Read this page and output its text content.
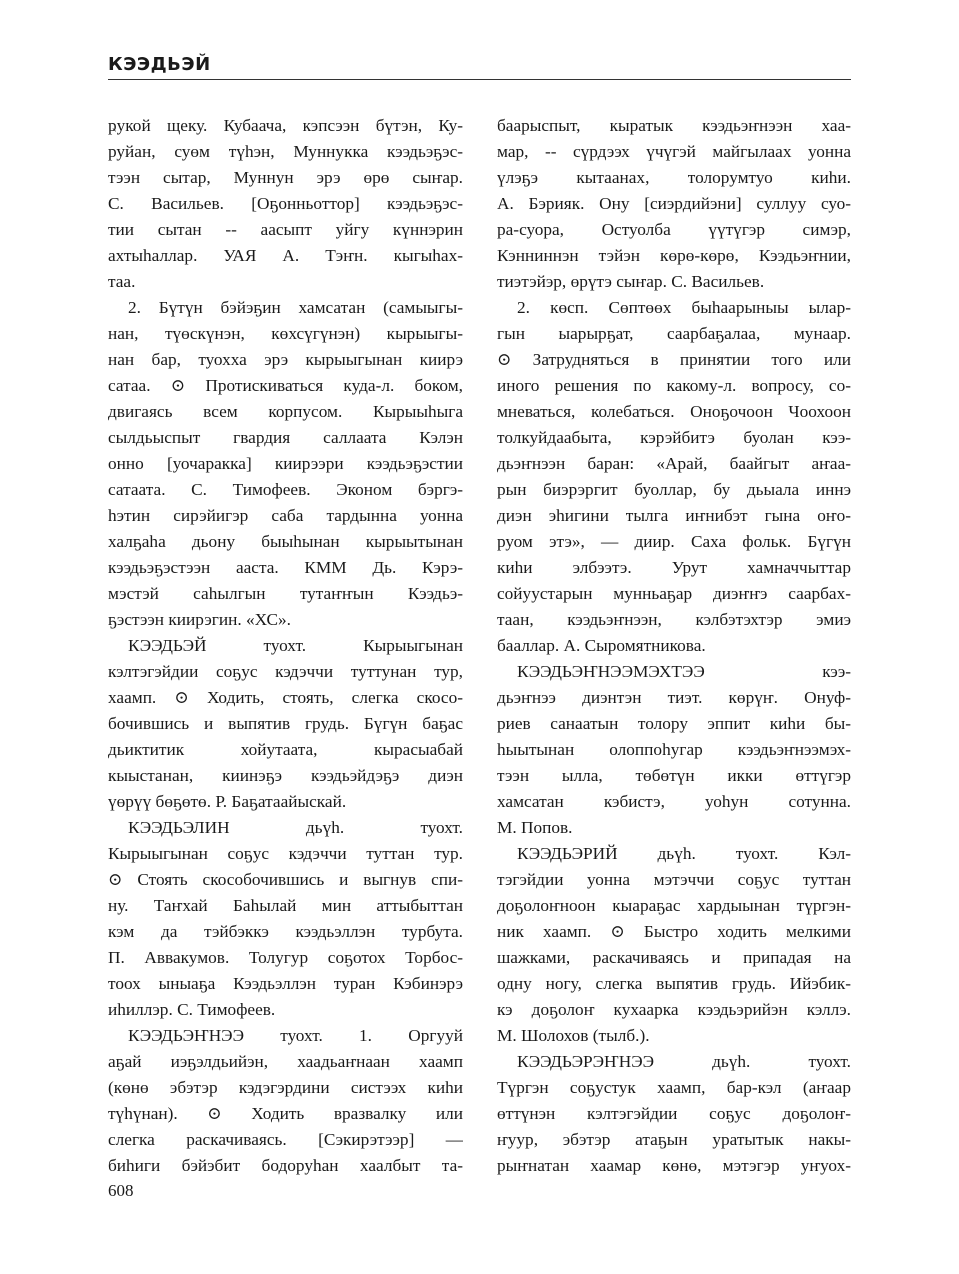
КЭЭДЬЭЙ
ҏукой щеку. Кубаача, кэпсээн бүтэн, Ку-
руйан, суөм түһэн, Муннукка кээдьэҕэс-
тээн сытар, Муннун эрэ өрө сыҥар.
С. Васильев. [Оҕонньоттор] кээдьэҕэс-
тии сытан -- аасыпт уйгу күннэрин
ахтыһаллар. УАЯ А. Тэҥн. кыгыһах-
таа.
2. Бүтүн бэйэҕин хамсатан (самыыгы-
нан, түөскүнэн, көхсүгүнэн) кырыыгы-
нан бар, туохха эрэ кырыыгынан киирэ
сатаа. ⊙ Протискиваться куда-л. боком,
двигаясь всем корпусом. Кырыыһыга
сылдьыспыт гвардия саллаата Кэлэн
онно [уочаракка] киирээри кээдьэҕэстии
сатаата. С. Тимофеев. Эконом бэргэ-
һэтин сирэйигэр саба тардынна уонна
халҕаһа дьону быыһынан кырыытынан
кээдьэҕэстээн ааста. КММ Дь. Кэрэ-
мэстэй саһылгын тутаҥҥын Кээдьэ-
ҕэстээн киирэгин. «ХС».
КЭЭДЬЭЙ туохт. Кырыыгынан
кэлтэгэйдии соҕус кэдэччи туттунан тур,
хаамп. ⊙ Ходить, стоять, слегка скосо-
бочившись и выпятив грудь. Бүгүн баҕас
дьиктитик хойутаата, кырасыабай
кыыстанан, киинэҕэ кээдьэйдэҕэ диэн
үөрүү бөҕөтө. Р. Баҕатаайыскай.
КЭЭДЬЭЛИН дьүһ. туохт.
Кырыыгынан соҕус кэдэччи туттан тур.
⊙ Стоять скособочившись и выгнув спи-
ну. Таҥхай Баһылай мин аттыбыттан
кэм да тэйбэккэ кээдьэллэн турбута.
П. Аввакумов. Толугур соҕотох Торбос-
тоох ыныаҕа Кээдьэллэн туран Кэбинэрэ
иһиллэр. С. Тимофеев.
КЭЭДЬЭҤНЭЭ туохт. 1. Оргууй
аҕай иэҕэлдьийэн, хаадьаҥнаан хаамп
(көнө эбэтэр кэдэгэрдини систээх киһи
түһүнан). ⊙ Ходить вразвалку или
слегка раскачиваясь. [Сэкирэтээр] —
биһиги бэйэбит бодоруһан хаалбыт та-
баарыспыт, кыратык кээдьэҥнээн хаа-
мар, -- сүрдээх үчүгэй майгылаах уонна
үлэҕэ кытаанах, толорумтуо киһи.
А. Бэрияк. Ону [сиэрдийэни] суллуу суо-
ра-суора, Остуолба үүтүгэр симэр,
Кэнниннэн тэйэн көрө-көрө, Кээдьэҥнии,
тиэтэйэр, өрүтэ сыҥар. С. Васильев.
2. көсп. Сөптөөх быһаарыныы ылар-
гын ыарырҕат, саарбаҕалаа, мунаар.
⊙ Затрудняться в принятии того или
иного решения по какому-л. вопросу, со-
мневаться, колебаться. Оноҕочоон Чоохоон
толкуйдаабыта, кэрэйбитэ буолан кээ-
дьэҥнээн баран: «Арай, баайгыт аҥаа-
рын биэрэргит буоллар, бу дьыала иннэ
диэн эһигини тылга иҥнибэт гына оҥо-
руом этэ», — диир. Саха фольк. Бүгүн
киһи элбээтэ. Урут хамначчыттар
сойуустарын мунньаҕар диэҥҥэ саарбах-
таан, кээдьэҥнээн, кэлбэтэхтэр эмиэ
бааллар. А. Сыромятникова.
КЭЭДЬЭҤНЭЭМЭХТЭЭ кээ-
дьэҥнээ диэнтэн тиэт. көрүҥ. Онуф-
риев санаатын толору эппит киһи бы-
һыытынан олоппоһугар кээдьэҥнээмэх-
тээн ылла, төбөтүн икки өттүгэр
хамсатан кэбистэ, уоһун сотунна.
М. Попов.
КЭЭДЬЭРИЙ дьүһ. туохт. Кэл-
тэгэйдии уонна мэтэччи соҕус туттан
доҕолоҥноон кыараҕас хардыынан түргэн-
ник хаамп. ⊙ Быстро ходить мелкими
шажками, раскачиваясь и припадая на
одну ногу, слегка выпятив грудь. Ийэбик-
кэ доҕолоҥ кухаарка кээдьэрийэн кэллэ.
М. Шолохов (тылб.).
КЭЭДЬЭРЭҤНЭЭ дьүһ. туохт.
Түргэн соҕустук хаамп, бар-кэл (аҥаар
өттүнэн кэлтэгэйдии соҕус доҕолоҥ-
ҥуур, эбэтэр атаҕын уратытык накы-
рыҥнатан хаамар көнө, мэтэгэр уҥуох-
608
